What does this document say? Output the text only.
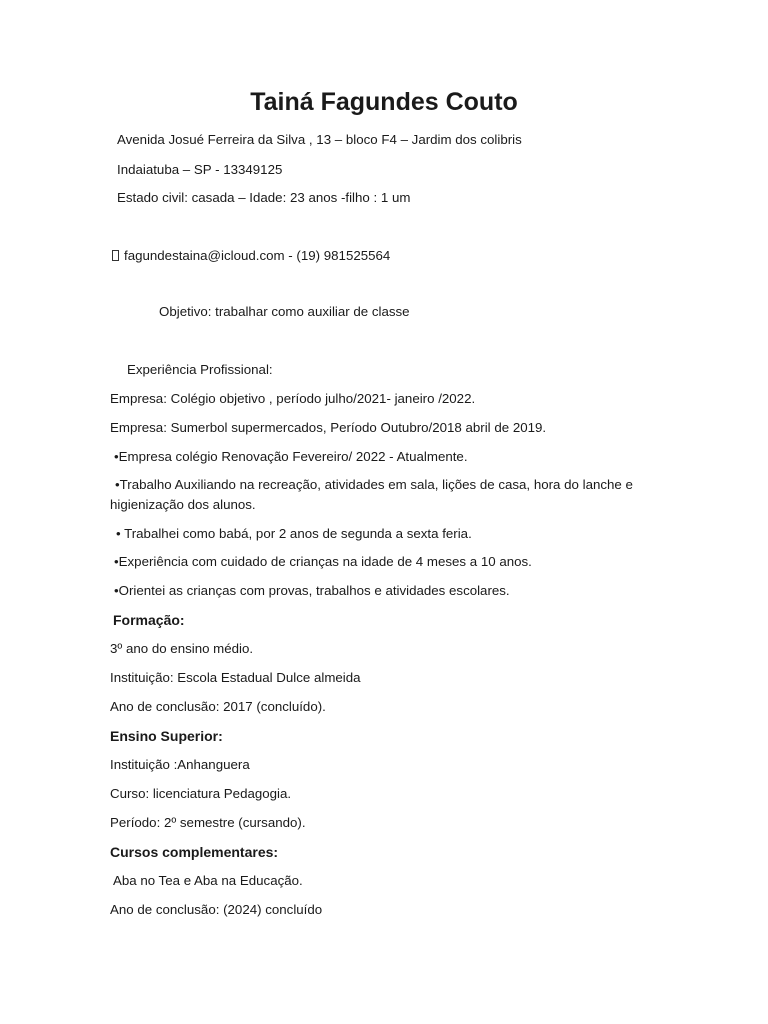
Tainá Fagundes Couto
Avenida Josué Ferreira da Silva , 13 – bloco F4 – Jardim dos colibris
Indaiatuba – SP - 13349125
Estado civil: casada – Idade: 23 anos -filho : 1 um
fagundestaina@icloud.com - (19) 981525564
Objetivo: trabalhar como auxiliar de classe
Experiência Profissional:
Empresa: Colégio objetivo , período julho/2021- janeiro /2022.
Empresa: Sumerbol supermercados, Período Outubro/2018 abril de 2019.
•Empresa colégio Renovação Fevereiro/ 2022 - Atualmente.
•Trabalho Auxiliando na recreação, atividades em sala, lições de casa, hora do lanche e higienização dos alunos.
• Trabalhei como babá, por 2 anos de segunda a sexta feria.
•Experiência com cuidado de crianças na idade de 4 meses a 10 anos.
•Orientei as crianças com provas, trabalhos e atividades escolares.
Formação:
3º ano do ensino médio.
Instituição: Escola Estadual Dulce almeida
Ano de conclusão: 2017 (concluído).
Ensino Superior:
Instituição :Anhanguera
Curso: licenciatura Pedagogia.
Período: 2º semestre (cursando).
Cursos complementares:
Aba no Tea e Aba na Educação.
Ano de conclusão: (2024) concluído
